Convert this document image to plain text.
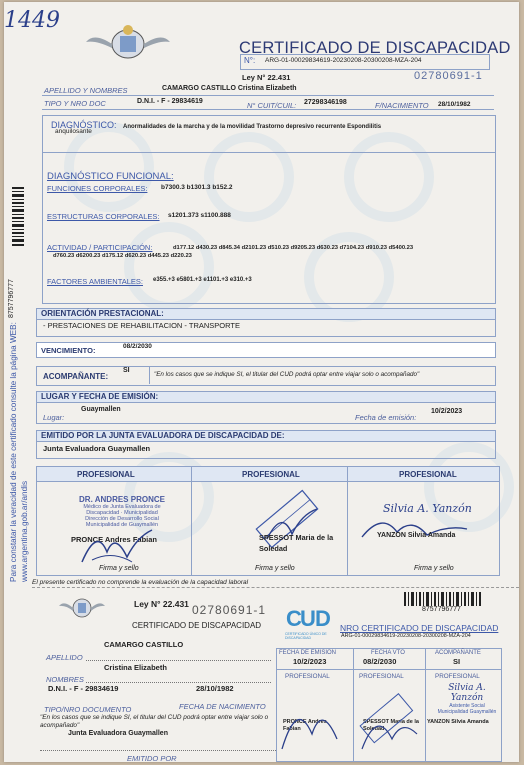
1449
CERTIFICADO DE DISCAPACIDAD
N°: ARG-01-00029834619-20230208-20300208-MZA-204
Ley N° 22.431	02780691-1
APELLIDO Y NOMBRES	CAMARGO CASTILLO Cristina Elizabeth
TIPO Y NRO DOC	D.N.I. - F - 29834619	N° CUIT/CUIL: 27298346198	F/NACIMIENTO 28/10/1982
DIAGNÓSTICO:
anquilosante
Anormalidades de la marcha y de la movilidad Trastorno depresivo recurrente Espondilitis
DIAGNÓSTICO FUNCIONAL:
FUNCIONES CORPORALES: b7300.3 b1301.3 b152.2
ESTRUCTURAS CORPORALES: s1201.373 s1100.888
ACTIVIDAD / PARTICIPACIÓN:	d177.12 d430.23 d845.34 d2101.23 d510.23 d9205.23 d630.23 d7104.23 d910.23 d5400.23
d760.23 d6200.23 d175.12 d620.23 d445.23 d220.23
FACTORES AMBIENTALES: e355.+3 e5801.+3 e1101.+3 e310.+3
ORIENTACIÓN PRESTACIONAL:
- PRESTACIONES DE REHABILITACION - TRANSPORTE
VENCIMIENTO:	08/2/2030
ACOMPAÑANTE:
SI
"En los casos que se indique SI, el titular del CUD podrá optar entre viajar solo o acompañado"
LUGAR Y FECHA DE EMISIÓN:
Lugar:
Guaymallen
Fecha de emisión:
10/2/2023
EMITIDO POR LA JUNTA EVALUADORA DE DISCAPACIDAD DE:
Junta Evaluadora Guaymallen
PROFESIONAL	PROFESIONAL	PROFESIONAL
DR. ANDRES PRONCE
Médico de Junta Evaluadora de
Discapacidad · Municipalidad
Dirección de Desarrollo Social
Municipalidad de Guaymallén
PRONCE Andres Fabian
Firma y sello
SPESSOT Maria de la Soledad
Firma y sello
Silvia A. Yanzón
YANZON Silvia Amanda
Firma y sello
El presente certificado no comprende la evaluación de la capacidad laboral
8757796777
Para constatar la veracidad de este certificado consulte la página WEB: www.argentina.gob.ar/andis
Ley N° 22.431 02780691-1
CERTIFICADO DE DISCAPACIDAD C
U D
CERTIFICADO ÚNICO DE DISCAPACIDAD
8757796777
NRO CERTIFICADO DE DISCAPACIDAD
ARG-01-00029834619-20230208-20300208-MZA-204
CAMARGO CASTILLO
APELLIDO
Cristina Elizabeth
NOMBRES
D.N.I. - F - 29834619	28/10/1982
TIPO/NRO DOCUMENTO	FECHA DE NACIMIENTO
"En los casos que se indique SI, el titular del CUD podrá optar entre viajar solo o acompañado"
Junta Evaluadora Guaymallen
EMITIDO POR
FECHA DE EMISION
10/2/2023
FECHA VTO
08/2/2030
ACOMPAÑANTE
SI
PROFESIONAL	PROFESIONAL	PROFESIONAL
PRONCE Andres Fabian
SPESSOT Maria de la Soledad
YANZON Silvia Amanda
Silvia A. Yanzón
Asistente Social
Municipalidad Guaymallén
